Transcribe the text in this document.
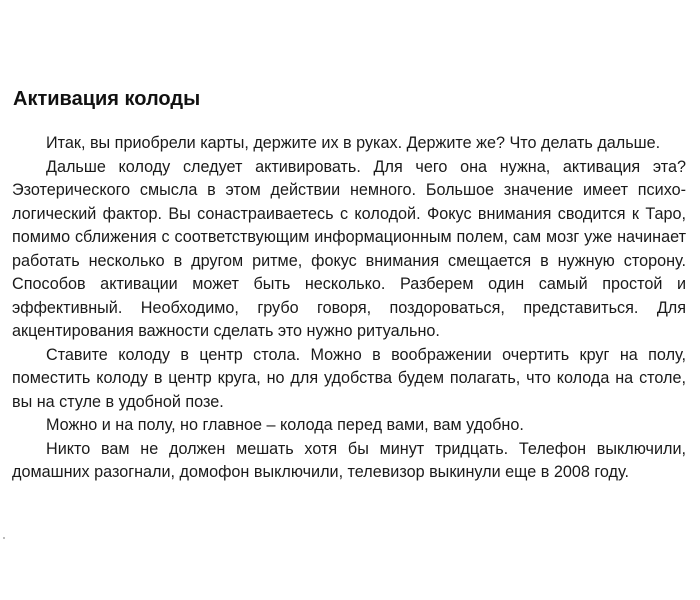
Активация колоды

Итак, вы приобрели карты, держите их в руках. Держите же? Что делать дальше.

Дальше колоду следует активировать. Для чего она нужна, активация эта? Эзотерического смысла в этом действии немного. Большое значение имеет психологический фактор. Вы сонастраиваетесь с колодой. Фокус внимания сводится к Таро, помимо сближения с соответствующим информационным полем, сам мозг уже начинает работать несколько в другом ритме, фокус внимания смещается в нужную сторону. Способов активации может быть несколько. Разберем один самый простой и эффективный. Необходимо, грубо говоря, поздороваться, представиться. Для акцентирования важности сделать это нужно ритуально.

Ставите колоду в центр стола. Можно в воображении очертить круг на полу, поместить колоду в центр круга, но для удобства будем полагать, что колода на столе, вы на стуле в удобной позе.

Можно и на полу, но главное – колода перед вами, вам удобно.

Никто вам не должен мешать хотя бы минут тридцать. Телефон выключили, домашних разогнали, домофон выключили, телевизор выкинули еще в 2008 году.
